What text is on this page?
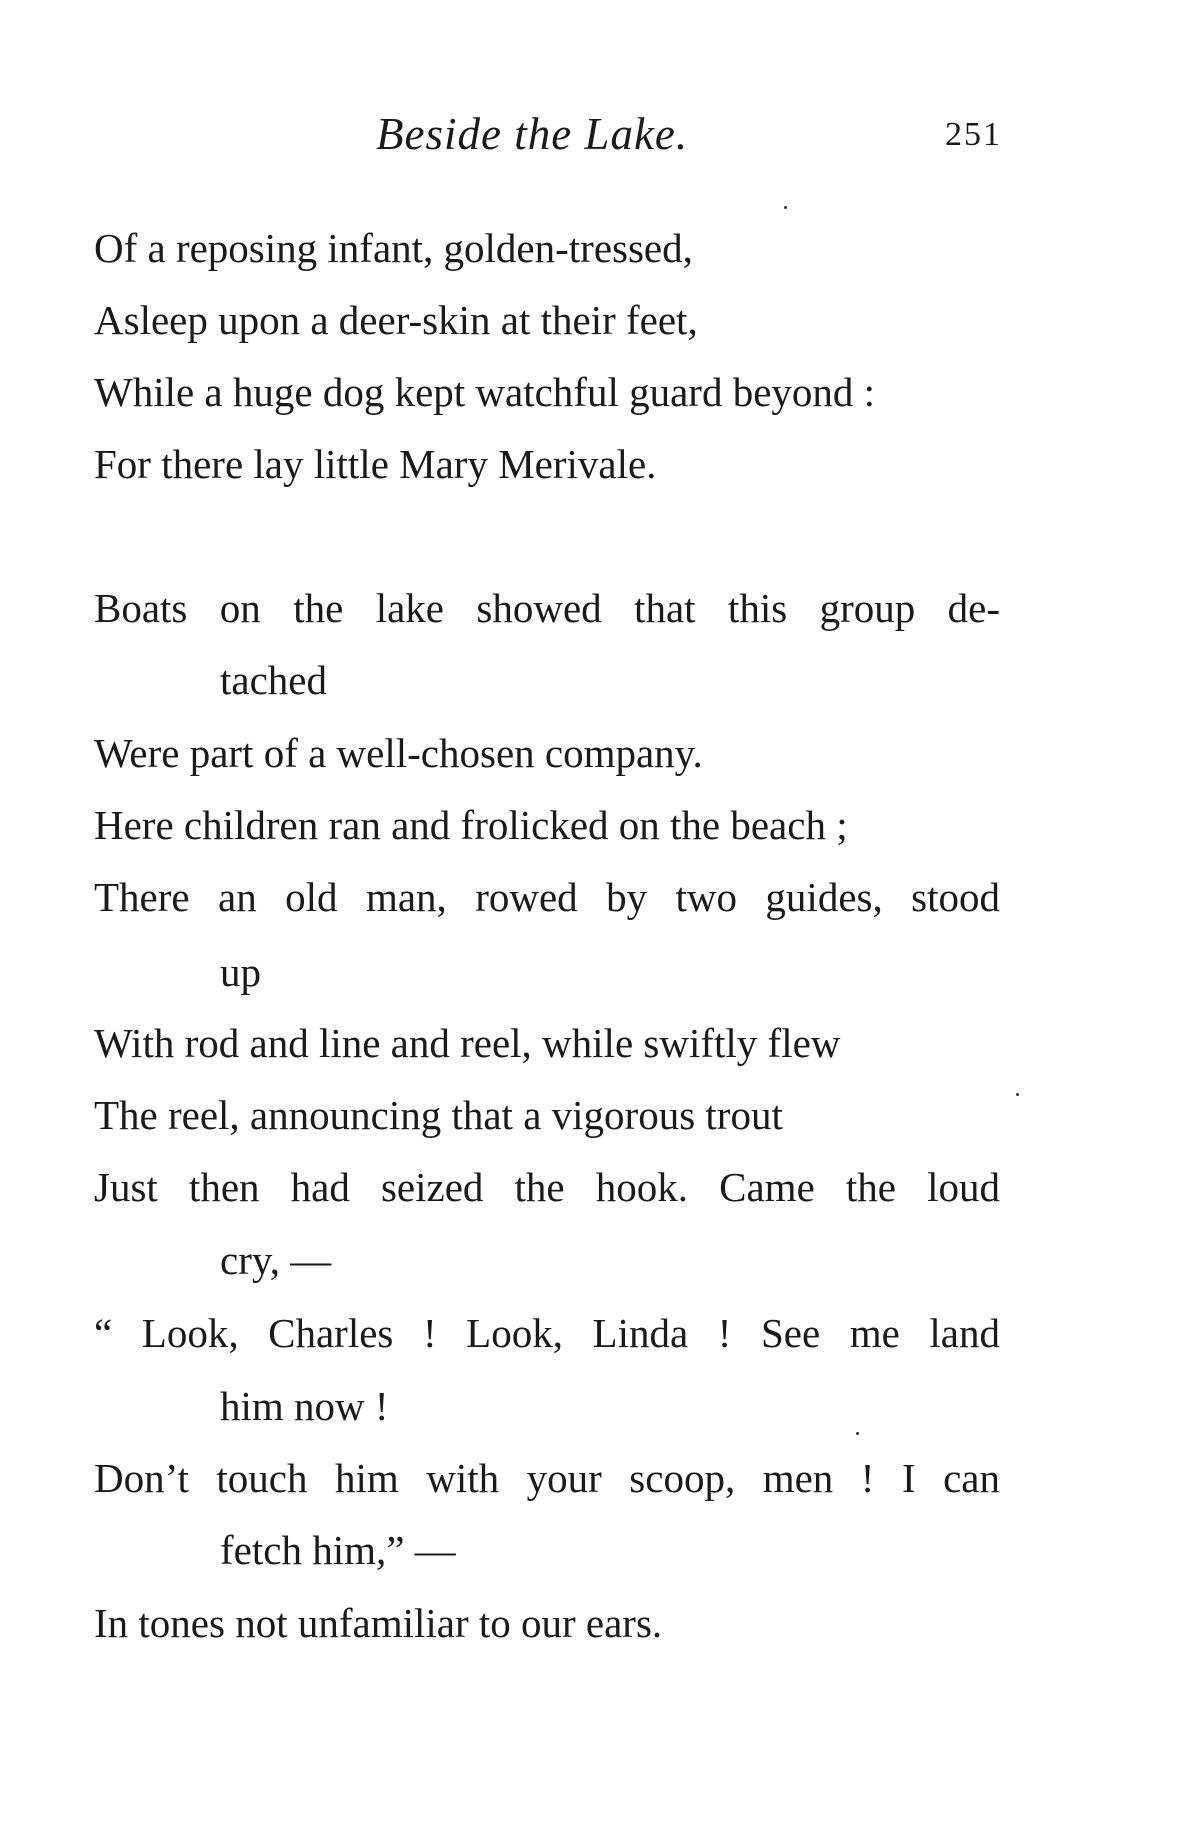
Beside the Lake.	251
Of a reposing infant, golden-tressed,
Asleep upon a deer-skin at their feet,
While a huge dog kept watchful guard beyond :
For there lay little Mary Merivale.
Boats on the lake showed that this group de-
tached
Were part of a well-chosen company.
Here children ran and frolicked on the beach ;
There an old man, rowed by two guides, stood
up
With rod and line and reel, while swiftly flew
The reel, announcing that a vigorous trout
Just then had seized the hook. Came the loud
cry, —
“ Look, Charles ! Look, Linda ! See me land
him now !
Don’t touch him with your scoop, men ! I can
fetch him,” —
In tones not unfamiliar to our ears.
